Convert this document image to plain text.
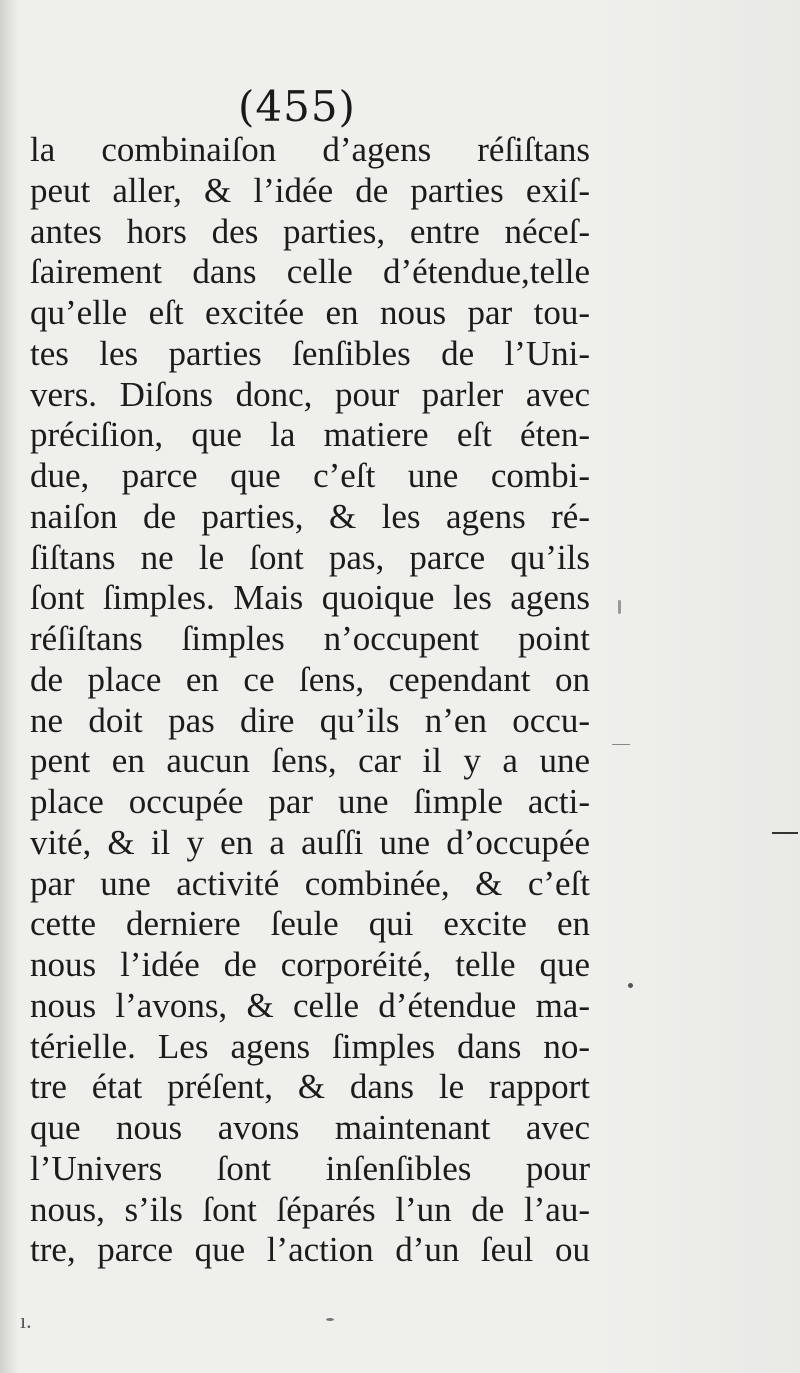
(455)
la combinaiſon d’agens réſiſtans
peut aller, & l’idée de parties exiſ-
antes hors des parties, entre néceſ-
ſairement dans celle d’étendue,telle
qu’elle eſt excitée en nous par tou-
tes les parties ſenſibles de l’Uni-
vers. Diſons donc, pour parler avec
préciſion, que la matiere eſt éten-
due, parce que c’eſt une combi-
naiſon de parties, & les agens ré-
ſiſtans ne le ſont pas, parce qu’ils
ſont ſimples. Mais quoique les agens
réſiſtans ſimples n’occupent point
de place en ce ſens, cependant on
ne doit pas dire qu’ils n’en occu-
pent en aucun ſens, car il y a une
place occupée par une ſimple acti-
vité, & il y en a auſſi une d’occupée
par une activité combinée, & c’eſt
cette derniere ſeule qui excite en
nous l’idée de corporéité, telle que
nous l’avons, & celle d’étendue ma-
térielle. Les agens ſimples dans no-
tre état préſent, & dans le rapport
que nous avons maintenant avec
l’Univers ſont inſenſibles pour
nous, s’ils ſont ſéparés l’un de l’au-
tre, parce que l’action d’un ſeul ou
ı.
